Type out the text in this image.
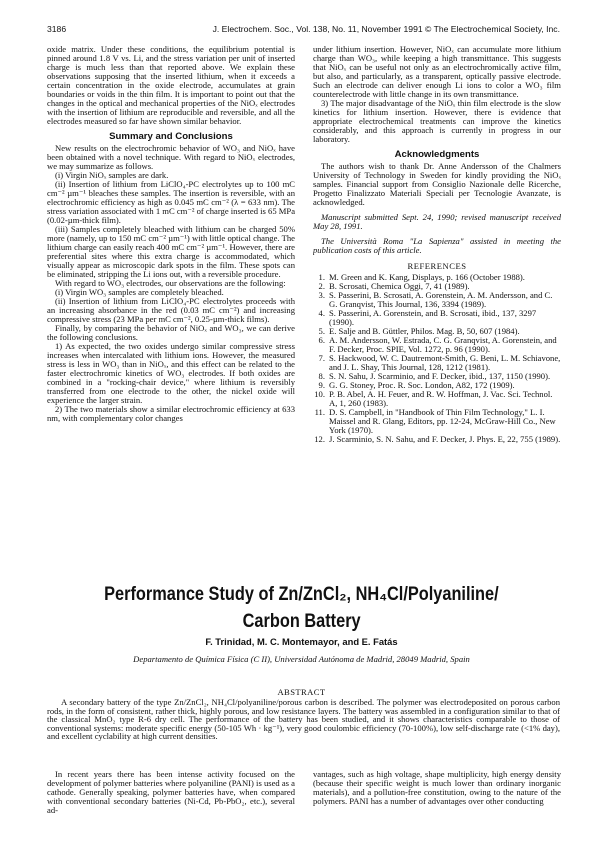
3186	J. Electrochem. Soc., Vol. 138, No. 11, November 1991 © The Electrochemical Society, Inc.

oxide matrix. Under these conditions, the equilibrium potential is pinned around 1.8 V vs. Li, and the stress variation per unit of inserted charge is much less than that reported above. We explain these observations supposing that the inserted lithium, when it exceeds a certain concentration in the oxide electrode, accumulates at grain boundaries or voids in the thin film. It is important to point out that the changes in the optical and mechanical properties of the NiOₓ electrodes with the insertion of lithium are reproducible and reversible, and all the electrodes measured so far have shown similar behavior.

Summary and Conclusions

New results on the electrochromic behavior of WO₃ and NiOₓ have been obtained with a novel technique. With regard to NiOₓ electrodes, we may summarize as follows.

(i) Virgin NiOₓ samples are dark.

(ii) Insertion of lithium from LiClO₄-PC electrolytes up to 100 mC cm⁻² µm⁻¹ bleaches these samples. The insertion is reversible, with an electrochromic efficiency as high as 0.045 mC cm⁻² (λ = 633 nm). The stress variation associated with 1 mC cm⁻² of charge inserted is 65 MPa (0.02-µm-thick film).

(iii) Samples completely bleached with lithium can be charged 50% more (namely, up to 150 mC cm⁻² µm⁻¹) with little optical change. The lithium charge can easily reach 400 mC cm⁻² µm⁻¹. However, there are preferential sites where this extra charge is accommodated, which visually appear as microscopic dark spots in the film. These spots can be eliminated, stripping the Li ions out, with a reversible procedure.

With regard to WO₃ electrodes, our observations are the following:

(i) Virgin WO₃ samples are completely bleached.

(ii) Insertion of lithium from LiClO₄-PC electrolytes proceeds with an increasing absorbance in the red (0.03 mC cm⁻²) and increasing compressive stress (23 MPa per mC cm⁻², 0.25-µm-thick films).

Finally, by comparing the behavior of NiOₓ and WO₃, we can derive the following conclusions.

1) As expected, the two oxides undergo similar compressive stress increases when intercalated with lithium ions. However, the measured stress is less in WO₃ than in NiOₓ, and this effect can be related to the faster electrochromic kinetics of WO₃ electrodes. If both oxides are combined in a "rocking-chair device," where lithium is reversibly transferred from one electrode to the other, the nickel oxide will experience the larger strain.

2) The two materials show a similar electrochromic efficiency at 633 nm, with complementary color changes

under lithium insertion. However, NiOₓ can accumulate more lithium charge than WO₃, while keeping a high transmittance. This suggests that NiOₓ can be useful not only as an electrochromically active film, but also, and particularly, as a transparent, optically passive electrode. Such an electrode can deliver enough Li ions to color a WO₃ film counterelectrode with little change in its own transmittance.

3) The major disadvantage of the NiOₓ thin film electrode is the slow kinetics for lithium insertion. However, there is evidence that appropriate electrochemical treatments can improve the kinetics considerably, and this approach is currently in progress in our laboratory.

Acknowledgments

The authors wish to thank Dr. Anne Andersson of the Chalmers University of Technology in Sweden for kindly providing the NiOₓ samples. Financial support from Consiglio Nazionale delle Ricerche, Progetto Finalizzato Materiali Speciali per Tecnologie Avanzate, is acknowledged.

Manuscript submitted Sept. 24, 1990; revised manuscript received May 28, 1991.

The Università Roma "La Sapienza" assisted in meeting the publication costs of this article.

REFERENCES
1. M. Green and K. Kang, Displays, p. 166 (October 1988).
2. B. Scrosati, Chemica Oggi, 7, 41 (1989).
3. S. Passerini, B. Scrosati, A. Gorenstein, A. M. Andersson, and C. G. Granqvist, This Journal, 136, 3394 (1989).
4. S. Passerini, A. Gorenstein, and B. Scrosati, ibid., 137, 3297 (1990).
5. E. Salje and B. Güttler, Philos. Mag. B, 50, 607 (1984).
6. A. M. Andersson, W. Estrada, C. G. Granqvist, A. Gorenstein, and F. Decker, Proc. SPIE, Vol. 1272, p. 96 (1990).
7. S. Hackwood, W. C. Dautremont-Smith, G. Beni, L. M. Schiavone, and J. L. Shay, This Journal, 128, 1212 (1981).
8. S. N. Sahu, J. Scarminio, and F. Decker, ibid., 137, 1150 (1990).
9. G. G. Stoney, Proc. R. Soc. London, A82, 172 (1909).
10. P. B. Abel, A. H. Feuer, and R. W. Hoffman, J. Vac. Sci. Technol. A, 1, 260 (1983).
11. D. S. Campbell, in "Handbook of Thin Film Technology," L. I. Maissel and R. Glang, Editors, pp. 12-24, McGraw-Hill Co., New York (1970).
12. J. Scarminio, S. N. Sahu, and F. Decker, J. Phys. E, 22, 755 (1989).
Performance Study of Zn/ZnCl₂, NH₄Cl/Polyaniline/
Carbon Battery
F. Trinidad, M. C. Montemayor, and E. Fatás
Departamento de Química Física (C II), Universidad Autónoma de Madrid, 28049 Madrid, Spain
ABSTRACT
A secondary battery of the type Zn/ZnCl₂, NH₄Cl/polyaniline/porous carbon is described. The polymer was electrodeposited on porous carbon rods, in the form of consistent, rather thick, highly porous, and low resistance layers. The battery was assembled in a configuration similar to that of the classical MnO₂ type R-6 dry cell. The performance of the battery has been studied, and it shows characteristics comparable to those of conventional systems: moderate specific energy (50-105 Wh · kg⁻¹), very good coulombic efficiency (70-100%), low self-discharge rate (<1% day), and excellent cyclability at high current densities.

In recent years there has been intense activity focused on the development of polymer batteries where polyaniline (PANI) is used as a cathode. Generally speaking, polymer batteries have, when compared with conventional secondary batteries (Ni-Cd, Pb-PbO₂, etc.), several ad-

vantages, such as high voltage, shape multiplicity, high energy density (because their specific weight is much lower than ordinary inorganic materials), and a pollution-free constitution, owing to the nature of the polymers. PANI has a number of advantages over other conducting
